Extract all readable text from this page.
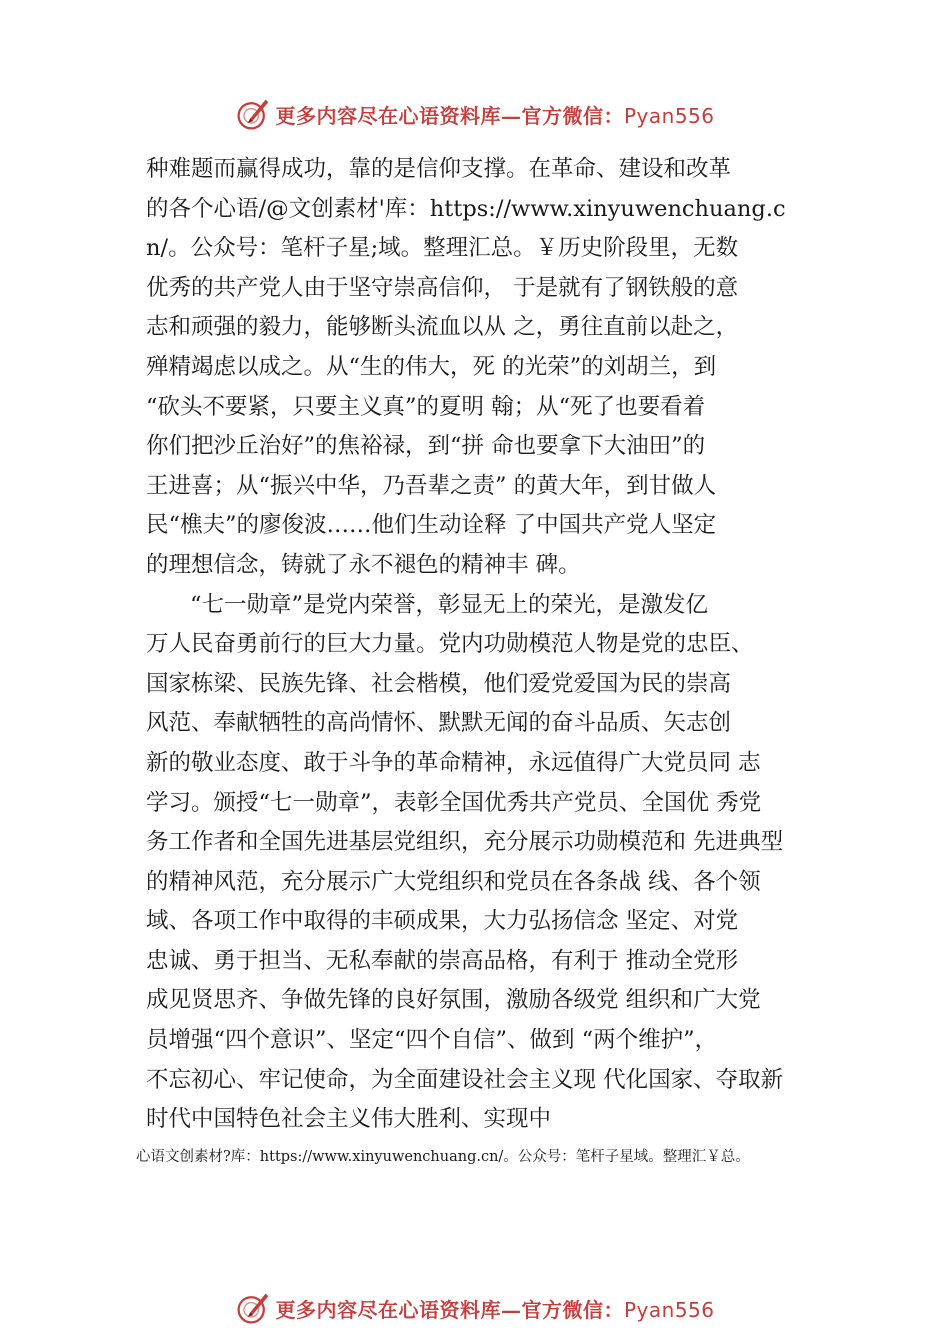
更多内容尽在心语资料库—官方微信：Pyan556
种难题而赢得成功，靠的是信仰支撑。在革命、建设和改革
的各个心语/@文创素材'库：https://www.xinyuwenchuang.c
n/。公众号：笔杆子星;域。整理汇总。￥历史阶段里，无数
优秀的共产党人由于坚守崇高信仰， 于是就有了钢铁般的意
志和顽强的毅力，能够断头流血以从 之，勇往直前以赴之，
殚精竭虑以成之。从“生的伟大，死 的光荣”的刘胡兰，到
“砍头不要紧，只要主义真”的夏明 翰；从“死了也要看着
你们把沙丘治好”的焦裕禄，到“拼 命也要拿下大油田”的
王进喜；从“振兴中华，乃吾辈之责” 的黄大年，到甘做人
民“樵夫”的廖俊波……他们生动诠释 了中国共产党人坚定
的理想信念，铸就了永不褪色的精神丰 碑。
“七一勋章”是党内荣誉，彰显无上的荣光，是激发亿
万人民奋勇前行的巨大力量。党内功勋模范人物是党的忠臣、
国家栋梁、民族先锋、社会楷模，他们爱党爱国为民的崇高
风范、奉献牺牲的高尚情怀、默默无闻的奋斗品质、矢志创
新的敬业态度、敢于斗争的革命精神，永远值得广大党员同 志
学习。颁授“七一勋章”，表彰全国优秀共产党员、全国优 秀党
务工作者和全国先进基层党组织，充分展示功勋模范和 先进典型
的精神风范，充分展示广大党组织和党员在各条战 线、各个领
域、各项工作中取得的丰硕成果，大力弘扬信念 坚定、对党
忠诚、勇于担当、无私奉献的崇高品格，有利于 推动全党形
成见贤思齐、争做先锋的良好氛围，激励各级党 组织和广大党
员增强“四个意识”、坚定“四个自信”、做到 “两个维护”，
不忘初心、牢记使命，为全面建设社会主义现 代化国家、夺取新
时代中国特色社会主义伟大胜利、实现中
心语文创素材?库：https://www.xinyuwenchuang.cn/。公众号：笔杆子星域。整理汇￥总。
更多内容尽在心语资料库—官方微信：Pyan556
